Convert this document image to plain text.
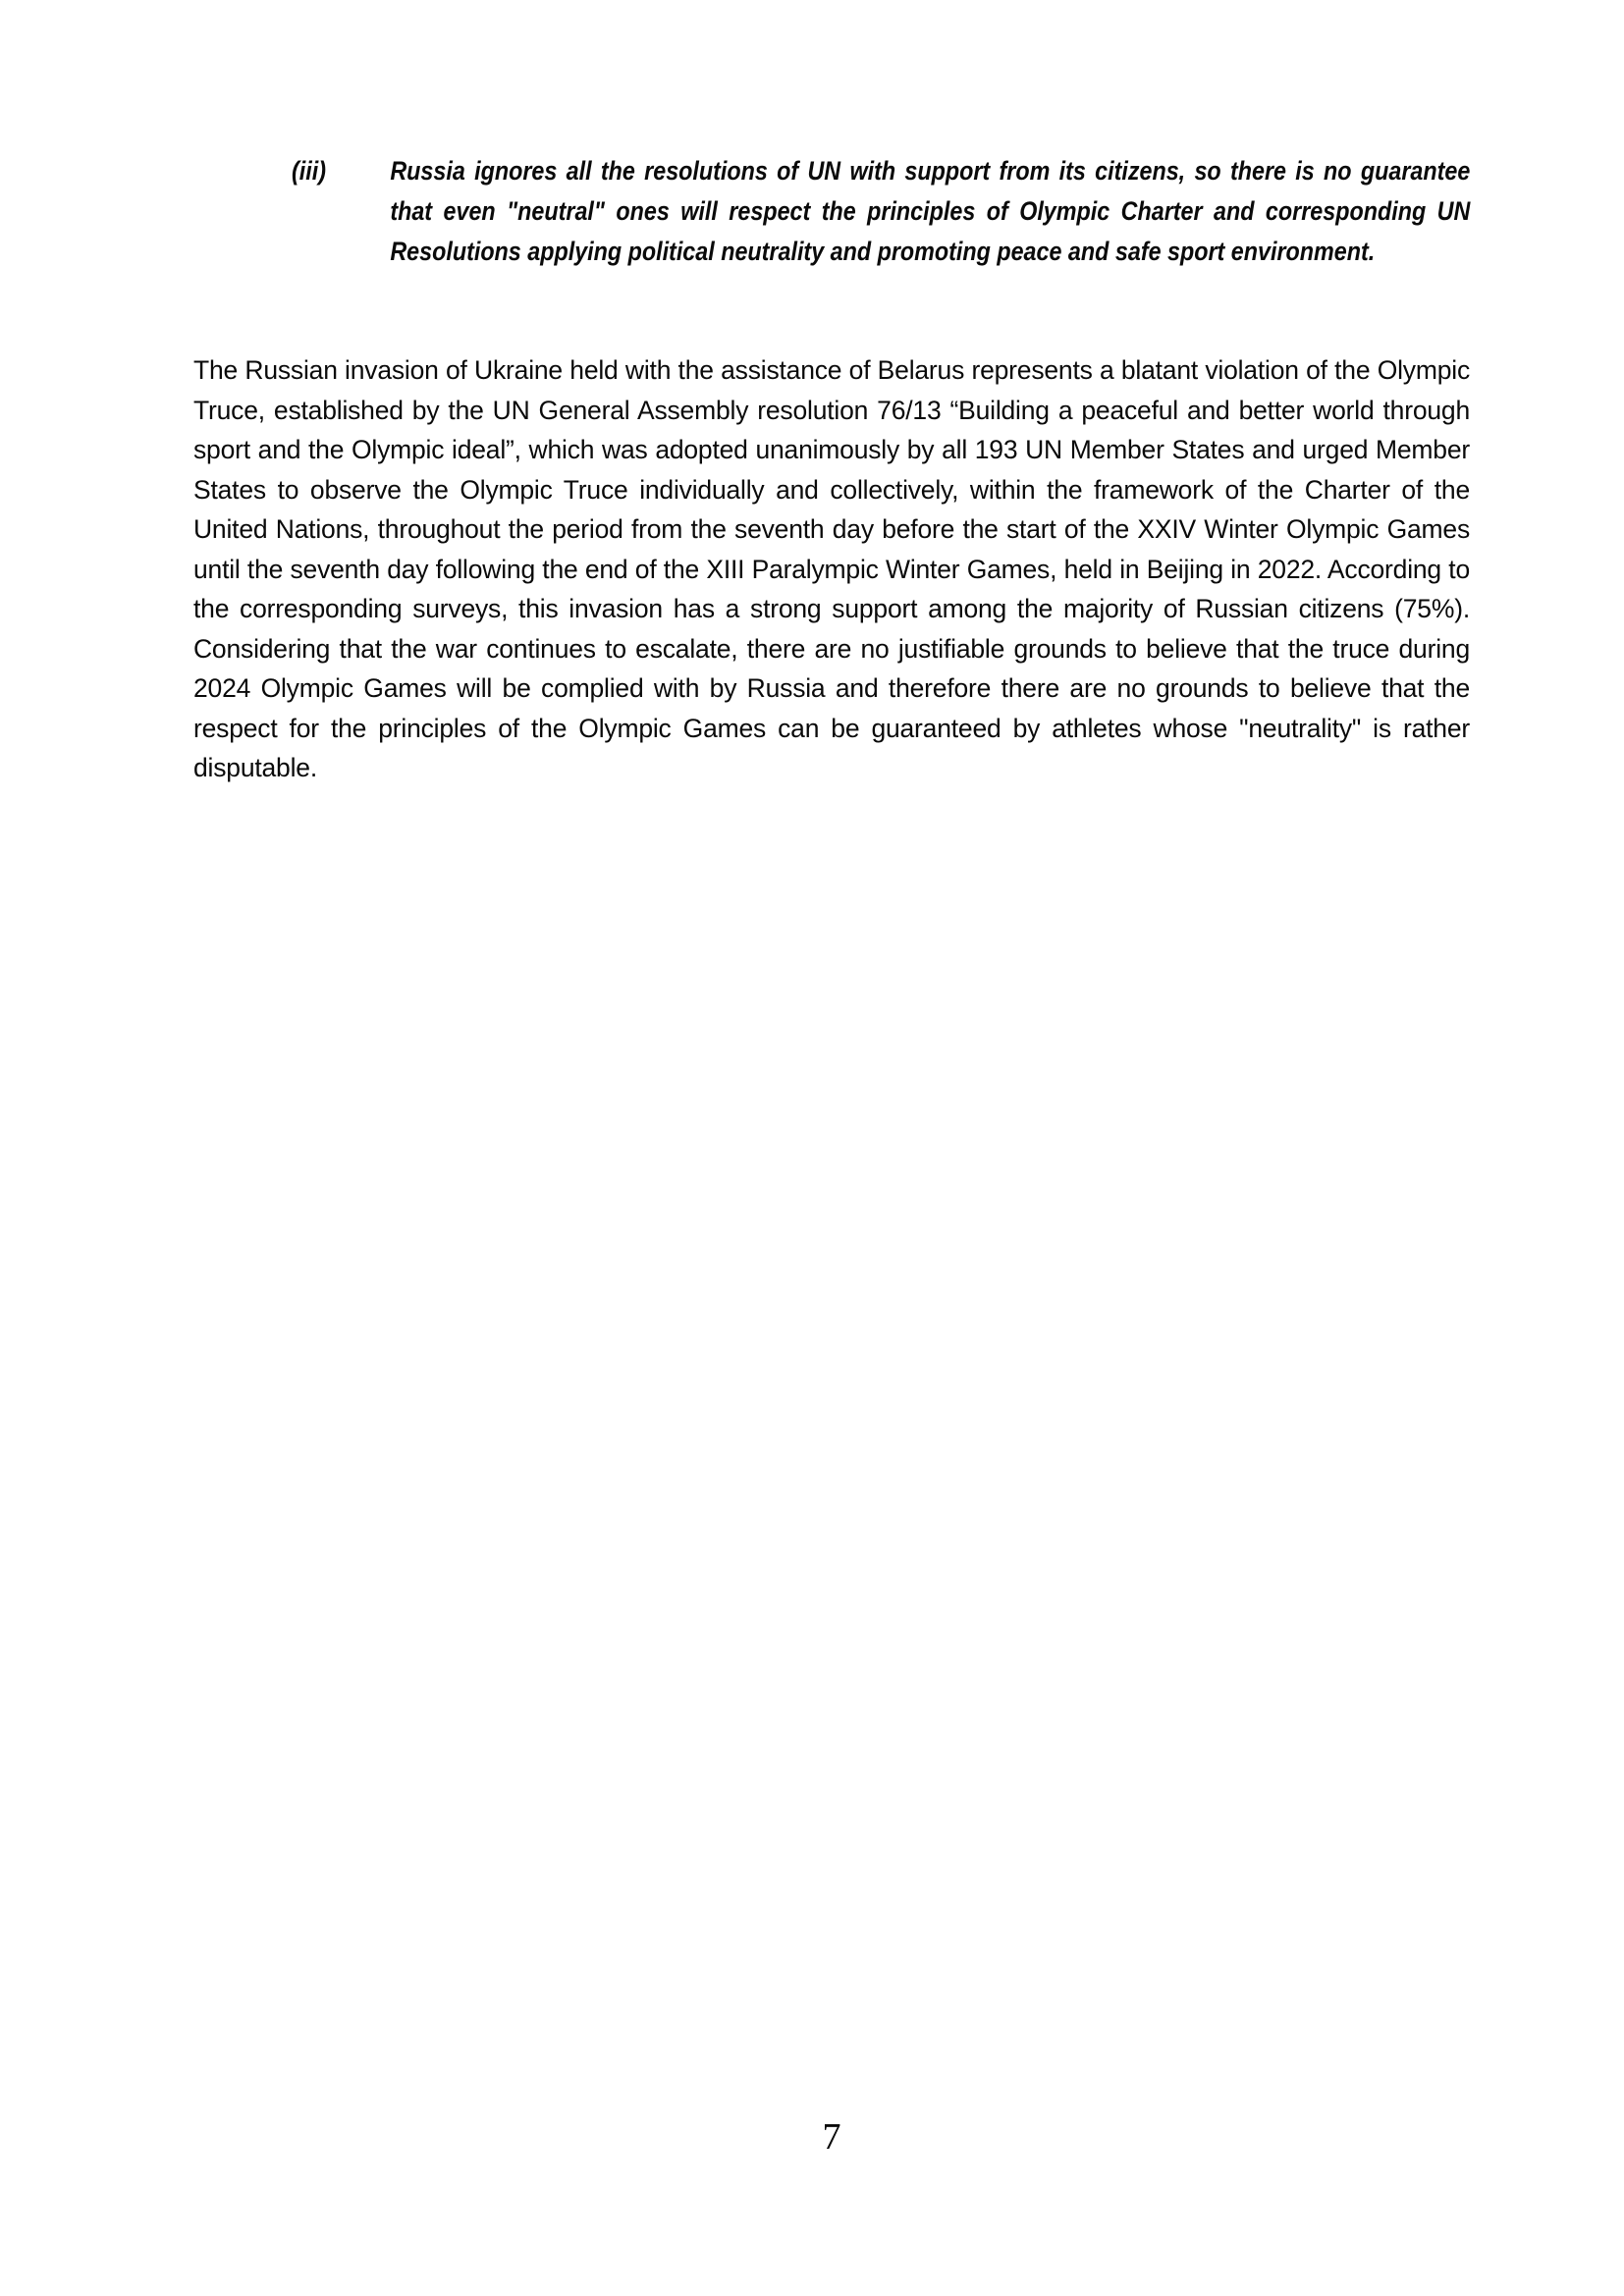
(iii)	Russia ignores all the resolutions of UN with support from its citizens, so there is no guarantee that even "neutral" ones will respect the principles of Olympic Charter and corresponding UN Resolutions applying political neutrality and promoting peace and safe sport environment.

The Russian invasion of Ukraine held with the assistance of Belarus represents a blatant violation of the Olympic Truce, established by the UN General Assembly resolution 76/13 “Building a peaceful and better world through sport and the Olympic ideal”, which was adopted unanimously by all 193 UN Member States and urged Member States to observe the Olympic Truce individually and collectively, within the framework of the Charter of the United Nations, throughout the period from the seventh day before the start of the XXIV Winter Olympic Games until the seventh day following the end of the XIII Paralympic Winter Games, held in Beijing in 2022. According to the corresponding surveys, this invasion has a strong support among the majority of Russian citizens (75%). Considering that the war continues to escalate, there are no justifiable grounds to believe that the truce during 2024 Olympic Games will be complied with by Russia and therefore there are no grounds to believe that the respect for the principles of the Olympic Games can be guaranteed by athletes whose "neutrality" is rather disputable.

7
